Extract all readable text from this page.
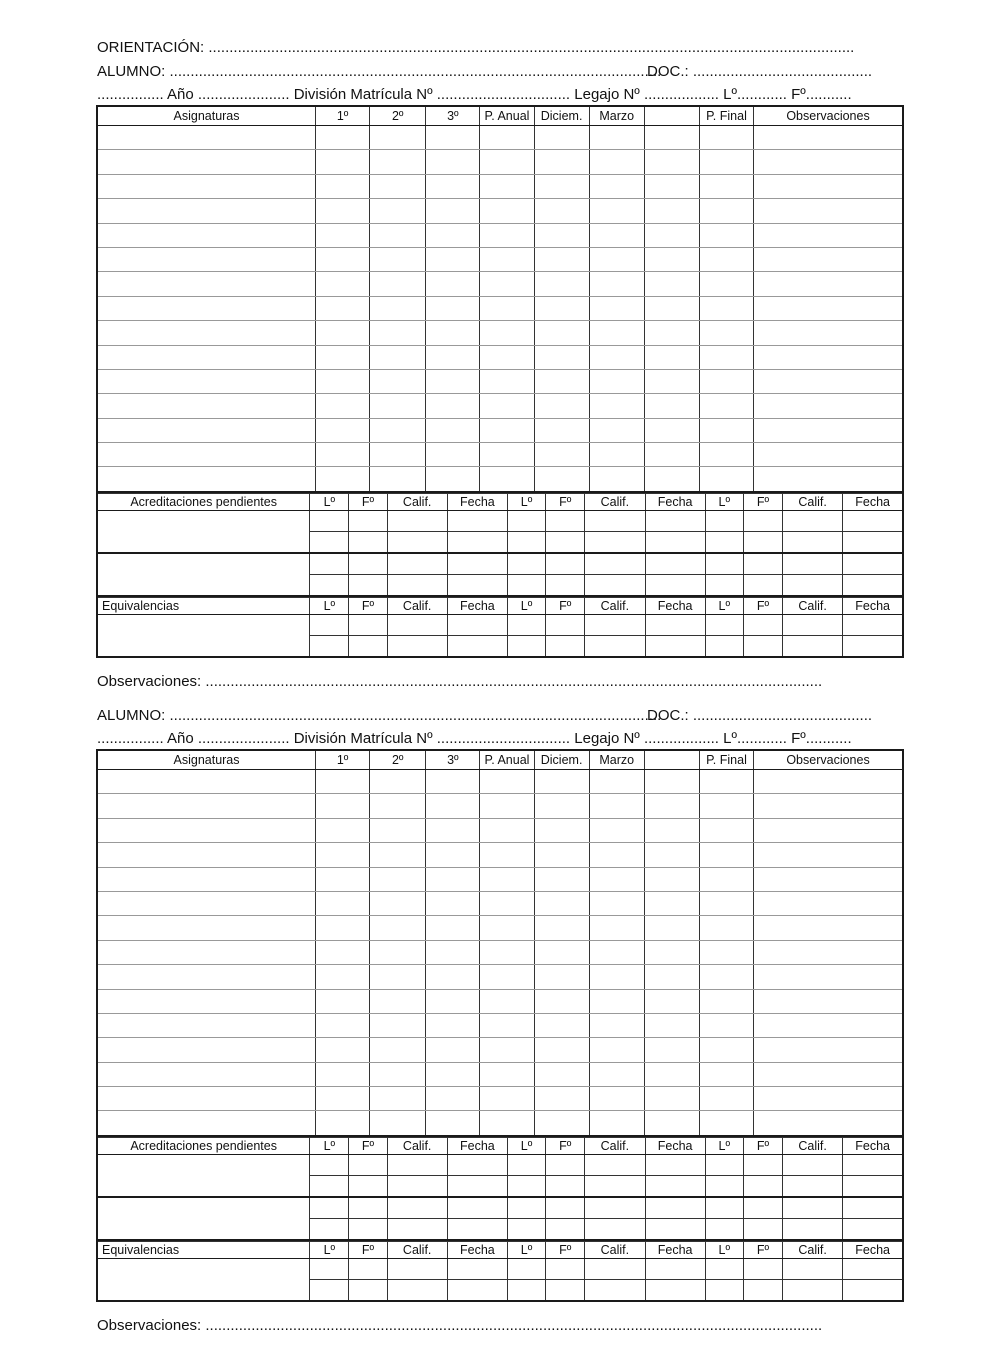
ORIENTACIÓN: ...........................................................................................................................................................
ALUMNO: ......................................................................................................................DOC.: ...........................................
................ Año ...................... División Matrícula Nº ................................ Legajo Nº .................. Lº............ Fº...........
Asignaturas	1º	2º	3º	P. Anual	Diciem.	Marzo		P. Final	Observaciones

Acreditaciones pendientes	Lº	Fº	Calif.	Fecha	Lº	Fº	Calif.	Fecha	Lº	Fº	Calif.	Fecha

Equivalencias	Lº	Fº	Calif.	Fecha	Lº	Fº	Calif.	Fecha	Lº	Fº	Calif.	Fecha

Observaciones: ....................................................................................................................................................
ALUMNO: ......................................................................................................................DOC.: ...........................................
................ Año ...................... División Matrícula Nº ................................ Legajo Nº .................. Lº............ Fº...........
Asignaturas	1º	2º	3º	P. Anual	Diciem.	Marzo		P. Final	Observaciones

Acreditaciones pendientes	Lº	Fº	Calif.	Fecha	Lº	Fº	Calif.	Fecha	Lº	Fº	Calif.	Fecha

Equivalencias	Lº	Fº	Calif.	Fecha	Lº	Fº	Calif.	Fecha	Lº	Fº	Calif.	Fecha

Observaciones: ....................................................................................................................................................
